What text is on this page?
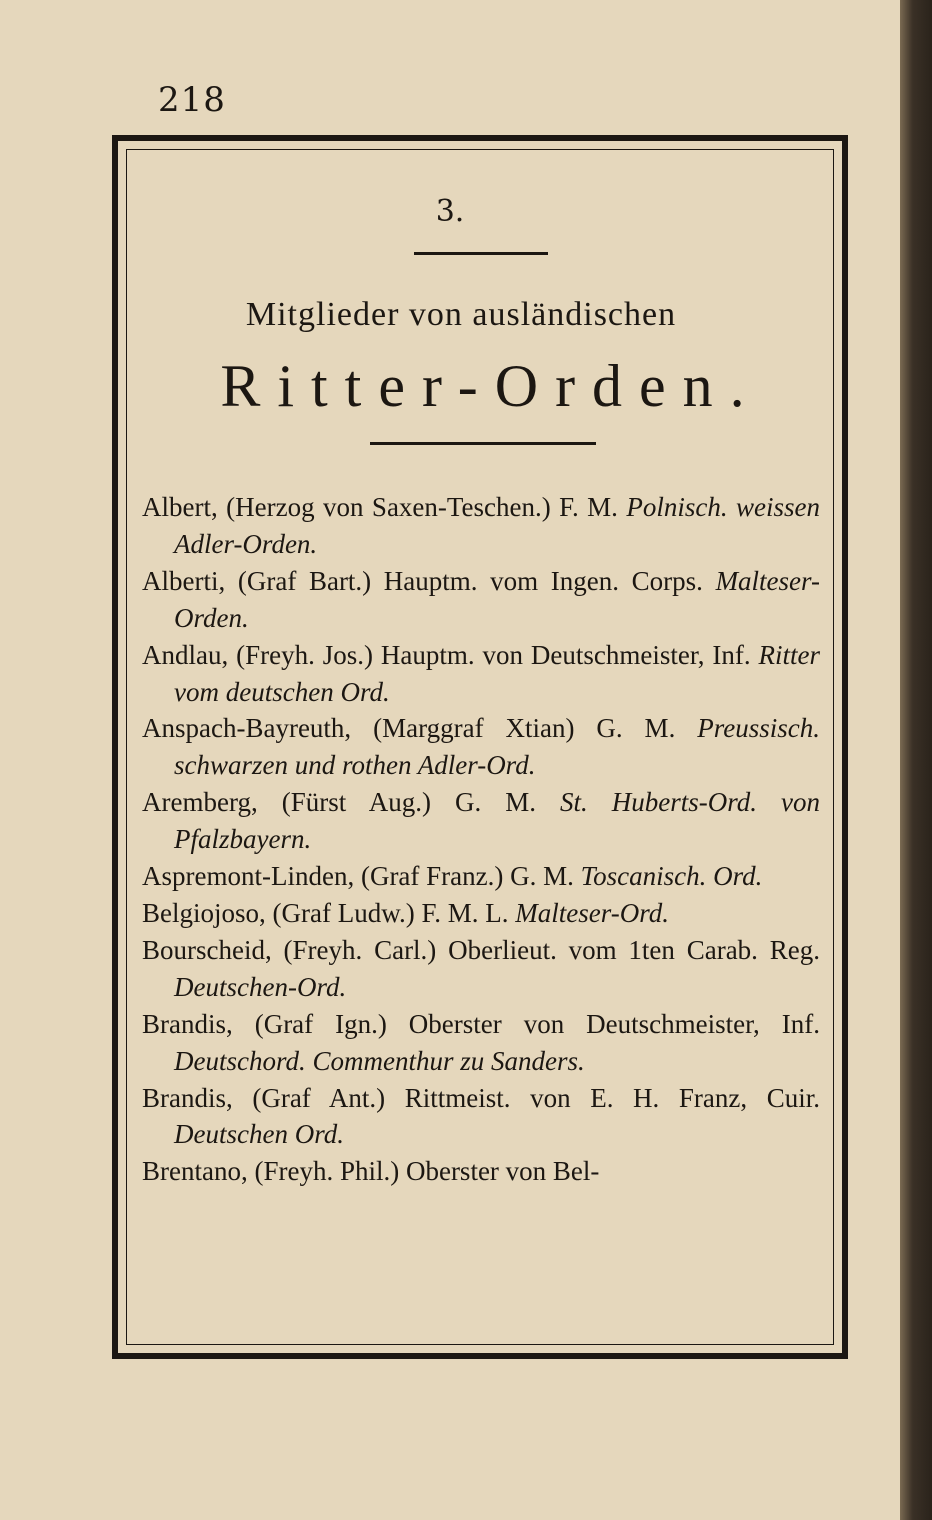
218
3.
Mitglieder von ausländischen
Ritter-Orden.
Albert, (Herzog von Saxen-Teschen.) F. M. Polnisch. weissen Adler-Orden.
Alberti, (Graf Bart.) Hauptm. vom Ingen. Corps. Malteser-Orden.
Andlau, (Freyh. Jos.) Hauptm. von Deutschmeister, Inf. Ritter vom deutschen Ord.
Anspach-Bayreuth, (Marggraf Xtian) G. M. Preussisch. schwarzen und rothen Adler-Ord.
Aremberg, (Fürst Aug.) G. M. St. Huberts-Ord. von Pfalzbayern.
Aspremont-Linden, (Graf Franz.) G. M. Toscanisch. Ord.
Belgiojoso, (Graf Ludw.) F. M. L. Malteser-Ord.
Bourscheid, (Freyh. Carl.) Oberlieut. vom 1ten Carab. Reg. Deutschen-Ord.
Brandis, (Graf Ign.) Oberster von Deutschmeister, Inf. Deutschord. Commenthur zu Sanders.
Brandis, (Graf Ant.) Rittmeist. von E. H. Franz, Cuir. Deutschen Ord.
Brentano, (Freyh. Phil.) Oberster von Bel-
